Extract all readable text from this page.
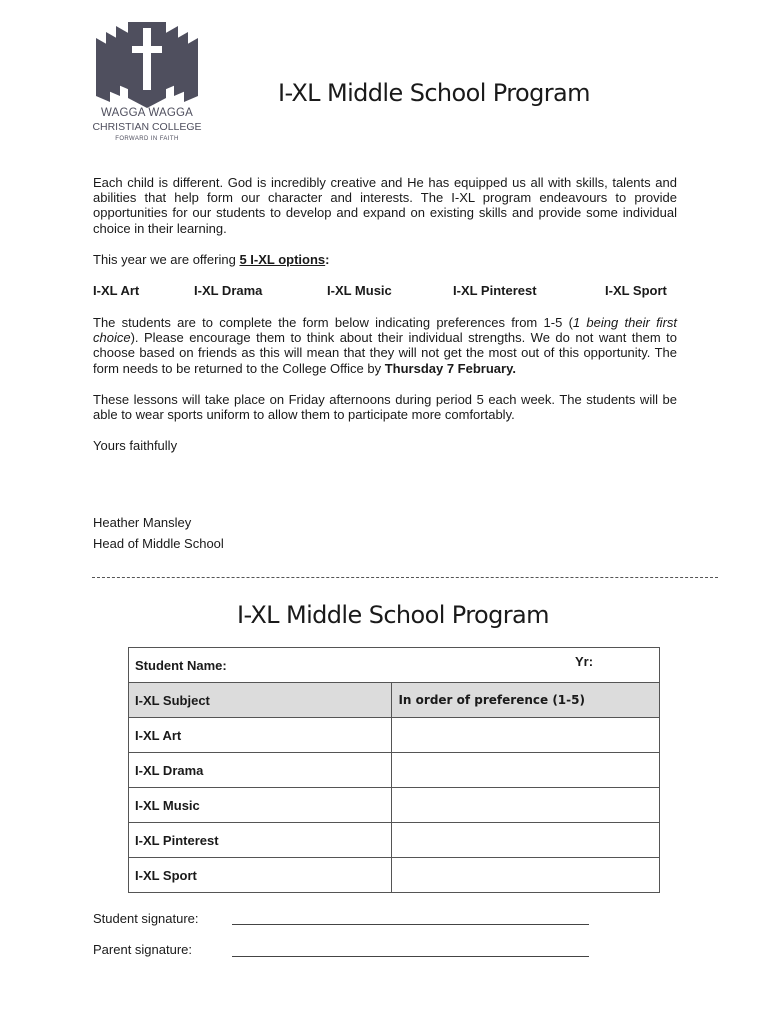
WAGGA WAGGA
CHRISTIAN COLLEGE
FORWARD IN FAITH
I-XL Middle School Program
Each child is different. God is incredibly creative and He has equipped us all with skills, talents and abilities that help form our character and interests. The I-XL program endeavours to provide opportunities for our students to develop and expand on existing skills and provide some individual choice in their learning.
This year we are offering 5 I-XL options:
I-XL Art	I-XL Drama	I-XL Music	I-XL Pinterest	I-XL Sport
The students are to complete the form below indicating preferences from 1-5 (1 being their first choice). Please encourage them to think about their individual strengths. We do not want them to choose based on friends as this will mean that they will not get the most out of this opportunity. The form needs to be returned to the College Office by Thursday 7 February.
These lessons will take place on Friday afternoons during period 5 each week. The students will be able to wear sports uniform to allow them to participate more comfortably.
Yours faithfully
Heather Mansley
Head of Middle School
I-XL Middle School Program
Student Name: Yr:	

I-XL Subject	In order of preference (1-5)
I-XL Art	
I-XL Drama	
I-XL Music	
I-XL Pinterest	
I-XL Sport	
Student signature:
Parent signature:
